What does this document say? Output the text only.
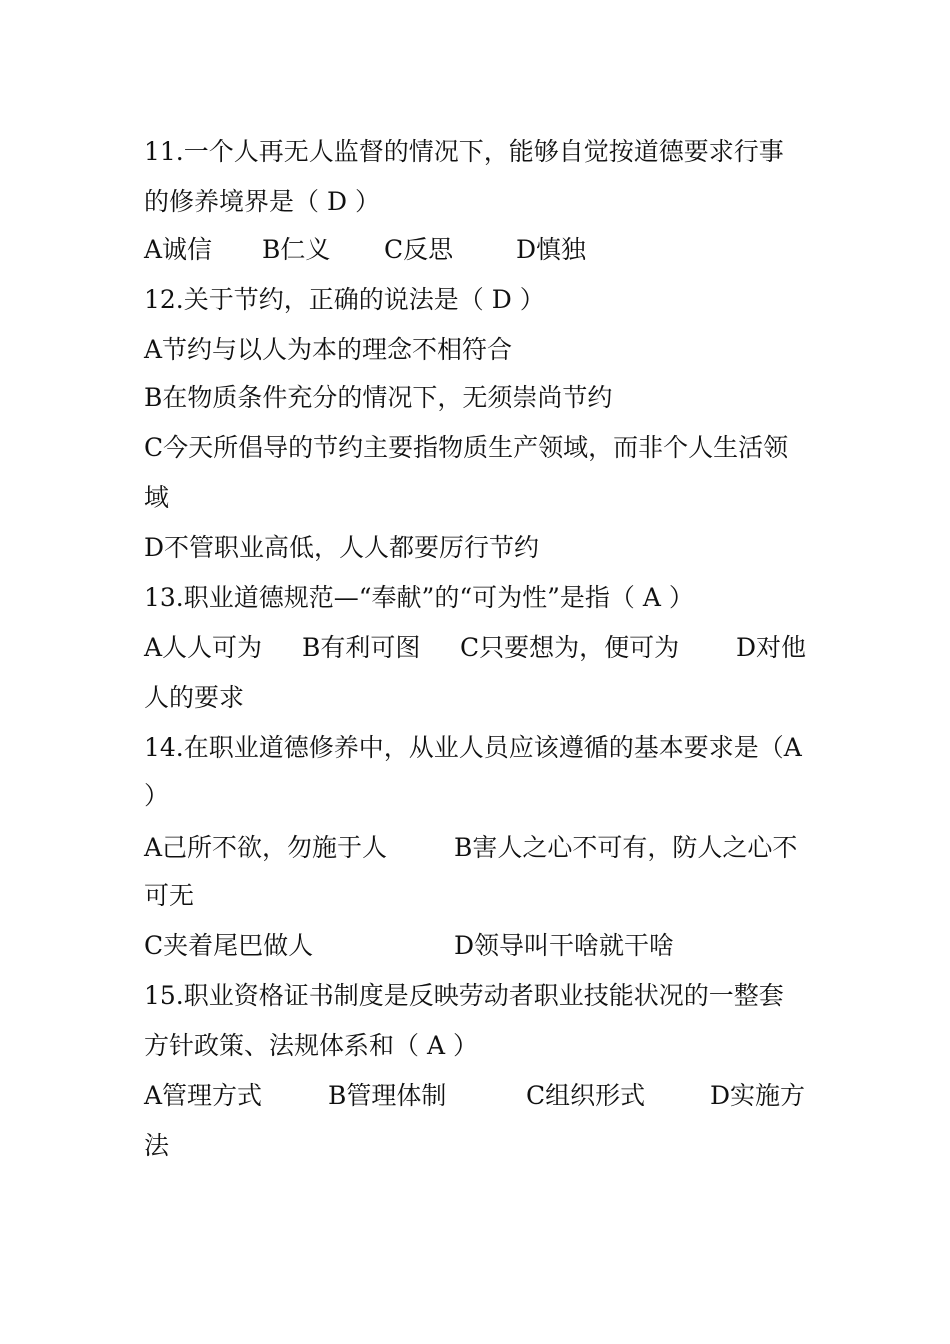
11.一个人再无人监督的情况下，能够自觉按道德要求行事
的修养境界是（ D ）

A诚信

B仁义

C反思

	D慎独

12.关于节约，正确的说法是（ D ）
A节约与以人为本的理念不相符合
B在物质条件充分的情况下，无须崇尚节约
C今天所倡导的节约主要指物质生产领域，而非个人生活领
域
D不管职业高低，人人都要厉行节约
13.职业道德规范—“奉献”的“可为性”是指（ A ）

A人人可为

B有利可图

C只要想为，便可为

D对他

人的要求
14.在职业道德修养中，从业人员应该遵循的基本要求是（A
）

A己所不欲，勿施于人

	B害人之心不可有，防人之心不

可无

C夹着尾巴做人

	D领导叫干啥就干啥

15.职业资格证书制度是反映劳动者职业技能状况的一整套
方针政策、法规体系和（ A ）

A管理方式

	B管理体制

	C组织形式

	D实施方

法
